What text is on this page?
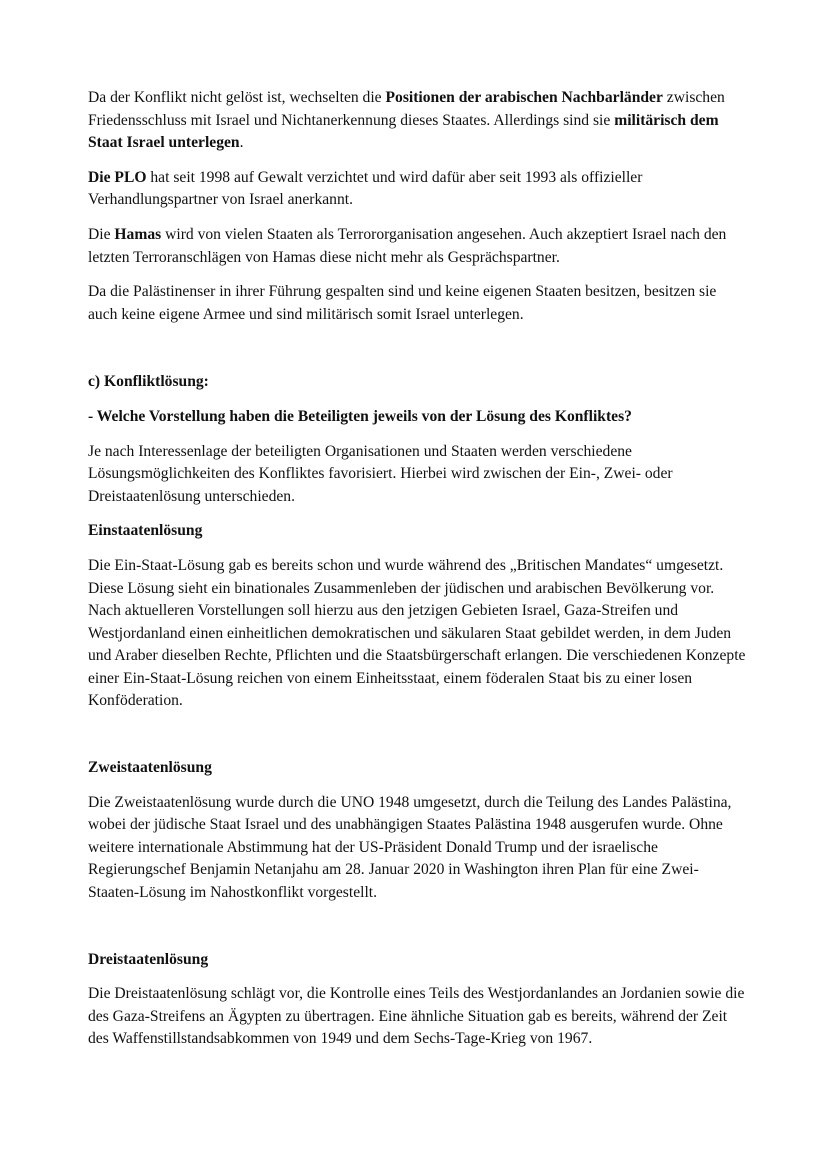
Da der Konflikt nicht gelöst ist, wechselten die Positionen der arabischen Nachbarländer zwischen Friedensschluss mit Israel und Nichtanerkennung dieses Staates. Allerdings sind sie militärisch dem Staat Israel unterlegen.

Die PLO hat seit 1998 auf Gewalt verzichtet und wird dafür aber seit 1993 als offizieller Verhandlungspartner von Israel anerkannt.

Die Hamas wird von vielen Staaten als Terrororganisation angesehen. Auch akzeptiert Israel nach den letzten Terroranschlägen von Hamas diese nicht mehr als Gesprächspartner.

Da die Palästinenser in ihrer Führung gespalten sind und keine eigenen Staaten besitzen, besitzen sie auch keine eigene Armee und sind militärisch somit Israel unterlegen.

c) Konfliktlösung:

- Welche Vorstellung haben die Beteiligten jeweils von der Lösung des Konfliktes?

Je nach Interessenlage der beteiligten Organisationen und Staaten werden verschiedene Lösungsmöglichkeiten des Konfliktes favorisiert. Hierbei wird zwischen der Ein-, Zwei- oder Dreistaatenlösung unterschieden.

Einstaatenlösung

Die Ein-Staat-Lösung gab es bereits schon und wurde während des „Britischen Mandates“ umgesetzt. Diese Lösung sieht ein binationales Zusammenleben der jüdischen und arabischen Bevölkerung vor. Nach aktuelleren Vorstellungen soll hierzu aus den jetzigen Gebieten Israel, Gaza-Streifen und Westjordanland einen einheitlichen demokratischen und säkularen Staat gebildet werden, in dem Juden und Araber dieselben Rechte, Pflichten und die Staatsbürgerschaft erlangen. Die verschiedenen Konzepte einer Ein-Staat-Lösung reichen von einem Einheitsstaat, einem föderalen Staat bis zu einer losen Konföderation.

Zweistaatenlösung

Die Zweistaatenlösung wurde durch die UNO 1948 umgesetzt, durch die Teilung des Landes Palästina, wobei der jüdische Staat Israel und des unabhängigen Staates Palästina 1948 ausgerufen wurde. Ohne weitere internationale Abstimmung hat der US-Präsident Donald Trump und der israelische Regierungschef Benjamin Netanjahu am 28. Januar 2020 in Washington ihren Plan für eine Zwei-Staaten-Lösung im Nahostkonflikt vorgestellt.

Dreistaatenlösung

Die Dreistaatenlösung schlägt vor, die Kontrolle eines Teils des Westjordanlandes an Jordanien sowie die des Gaza-Streifens an Ägypten zu übertragen. Eine ähnliche Situation gab es bereits, während der Zeit des Waffenstillstandsabkommen von 1949 und dem Sechs-Tage-Krieg von 1967.
